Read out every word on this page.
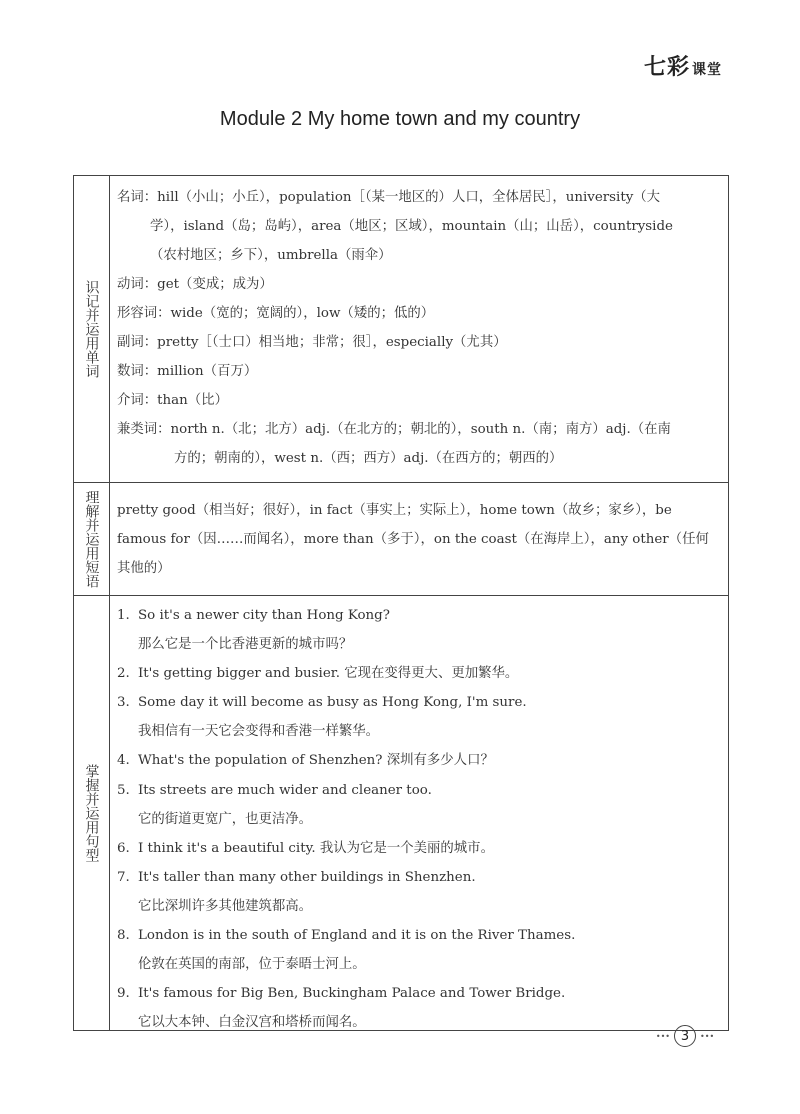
七彩 课堂
Module 2 My home town and my country
识记并运用单词
名词：hill（小山；小丘），population［（某一地区的）人口，全体居民］，university（大
学），island（岛；岛屿），area（地区；区域），mountain（山；山岳），countryside
（农村地区；乡下），umbrella（雨伞）
动词：get（变成；成为）
形容词：wide（宽的；宽阔的），low（矮的；低的）
副词：pretty［（士口）相当地；非常；很］，especially（尤其）
数词：million（百万）
介词：than（比）
兼类词：north n.（北；北方）adj.（在北方的；朝北的），south n.（南；南方）adj.（在南
方的；朝南的），west n.（西；西方）adj.（在西方的；朝西的）
理解并运用短语 pretty good（相当好；很好），in fact（事实上；实际上），home town（故乡；家乡），be
famous for（因……而闻名），more than（多于），on the coast（在海岸上），any other（任何
其他的）
掌握并运用句型
1. So it's a newer city than Hong Kong?
那么它是一个比香港更新的城市吗？
2. It's getting bigger and busier. 它现在变得更大、更加繁华。
3. Some day it will become as busy as Hong Kong, I'm sure.
我相信有一天它会变得和香港一样繁华。
4. What's the population of Shenzhen? 深圳有多少人口？
5. Its streets are much wider and cleaner too.
它的街道更宽广，也更洁净。
6. I think it's a beautiful city. 我认为它是一个美丽的城市。
7. It's taller than many other buildings in Shenzhen.
它比深圳许多其他建筑都高。
8. London is in the south of England and it is on the River Thames.
伦敦在英国的南部，位于泰晤士河上。
9. It's famous for Big Ben, Buckingham Palace and Tower Bridge.
它以大本钟、白金汉宫和塔桥而闻名。
••• 3	•••
